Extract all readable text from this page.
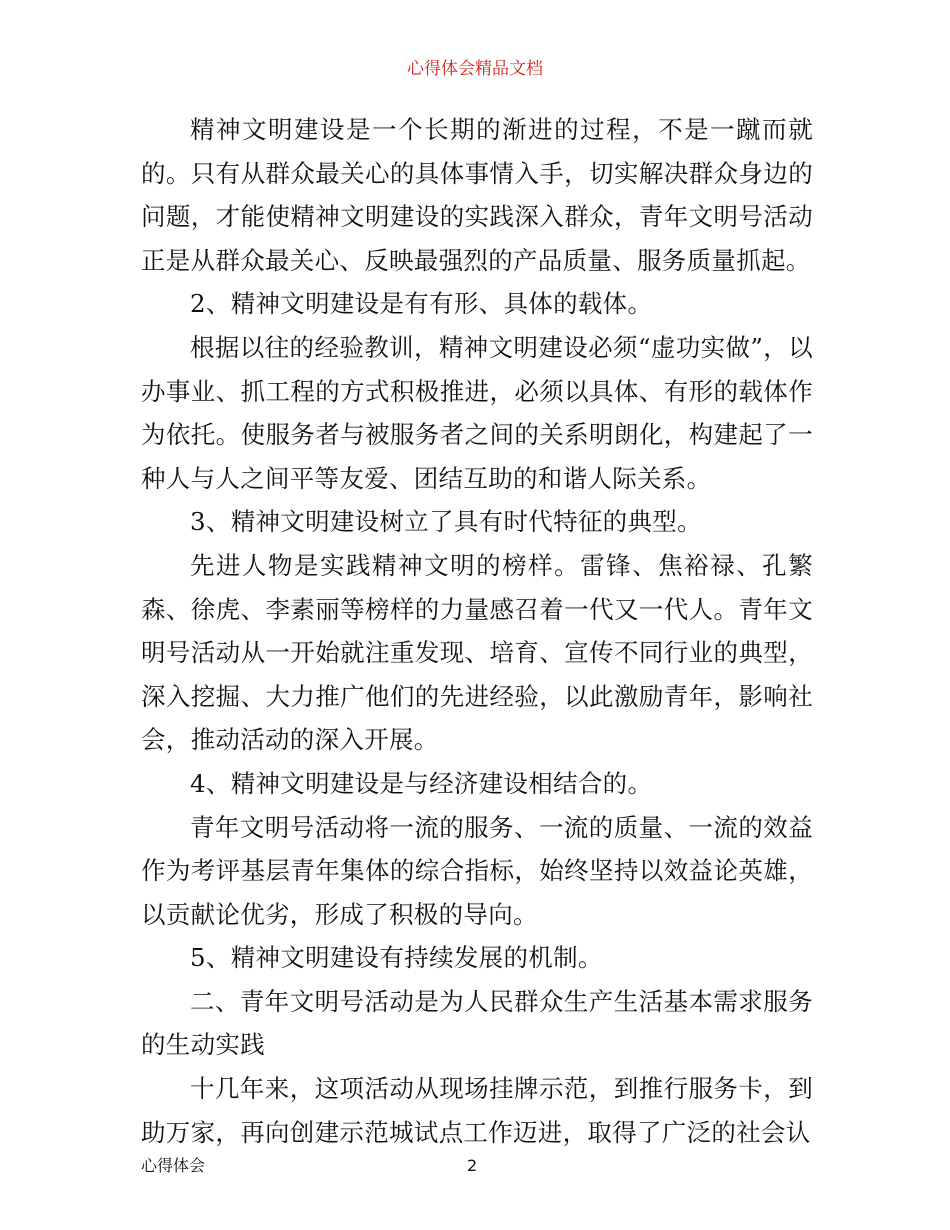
心得体会精品文档

精神文明建设是一个长期的渐进的过程，不是一蹴而就的。只有从群众最关心的具体事情入手，切实解决群众身边的问题，才能使精神文明建设的实践深入群众，青年文明号活动正是从群众最关心、反映最强烈的产品质量、服务质量抓起。

2、精神文明建设是有有形、具体的载体。

根据以往的经验教训，精神文明建设必须“虚功实做”，以办事业、抓工程的方式积极推进，必须以具体、有形的载体作为依托。使服务者与被服务者之间的关系明朗化，构建起了一种人与人之间平等友爱、团结互助的和谐人际关系。

3、精神文明建设树立了具有时代特征的典型。

先进人物是实践精神文明的榜样。雷锋、焦裕禄、孔繁森、徐虎、李素丽等榜样的力量感召着一代又一代人。青年文明号活动从一开始就注重发现、培育、宣传不同行业的典型，深入挖掘、大力推广他们的先进经验，以此激励青年，影响社会，推动活动的深入开展。

4、精神文明建设是与经济建设相结合的。

青年文明号活动将一流的服务、一流的质量、一流的效益作为考评基层青年集体的综合指标，始终坚持以效益论英雄，以贡献论优劣，形成了积极的导向。

5、精神文明建设有持续发展的机制。

二、青年文明号活动是为人民群众生产生活基本需求服务的生动实践

十几年来，这项活动从现场挂牌示范，到推行服务卡，到助万家，再向创建示范城试点工作迈进，取得了广泛的社会认

心得体会	2
